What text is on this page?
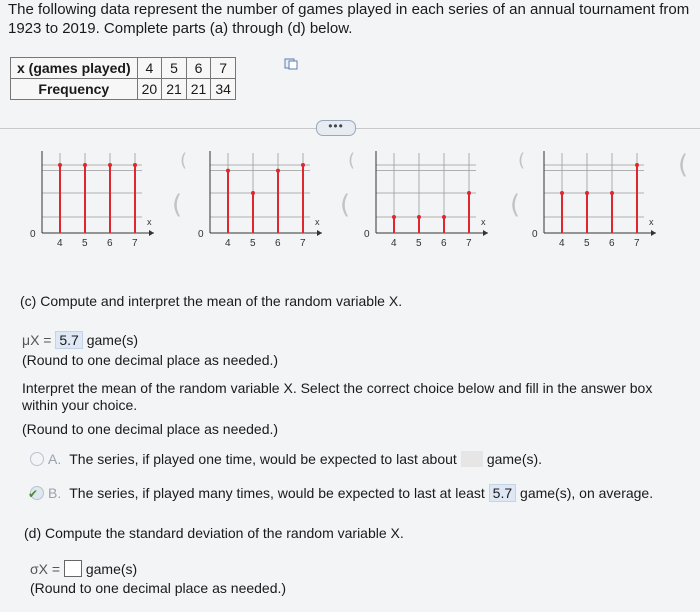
The following data represent the number of games played in each series of an annual tournament from 1923 to 2019. Complete parts (a) through (d) below.
x (games played)	4	5	6	7
Frequency	20	21	21	34
•••
0
x
4 5 6 7
(
(
0
x
4 5 6 7
(
(
0
x
4 5 6 7
(
(
0
x
4 5 6 7
(
(c) Compute and interpret the mean of the random variable X.
μX = 5.7 game(s)
(Round to one decimal place as needed.)
Interpret the mean of the random variable X. Select the correct choice below and fill in the answer box within your choice.
(Round to one decimal place as needed.)
A. The series, if played one time, would be expected to last about game(s).
✔ B. The series, if played many times, would be expected to last at least 5.7 game(s), on average.
(d) Compute the standard deviation of the random variable X.
σX = game(s)
(Round to one decimal place as needed.)
